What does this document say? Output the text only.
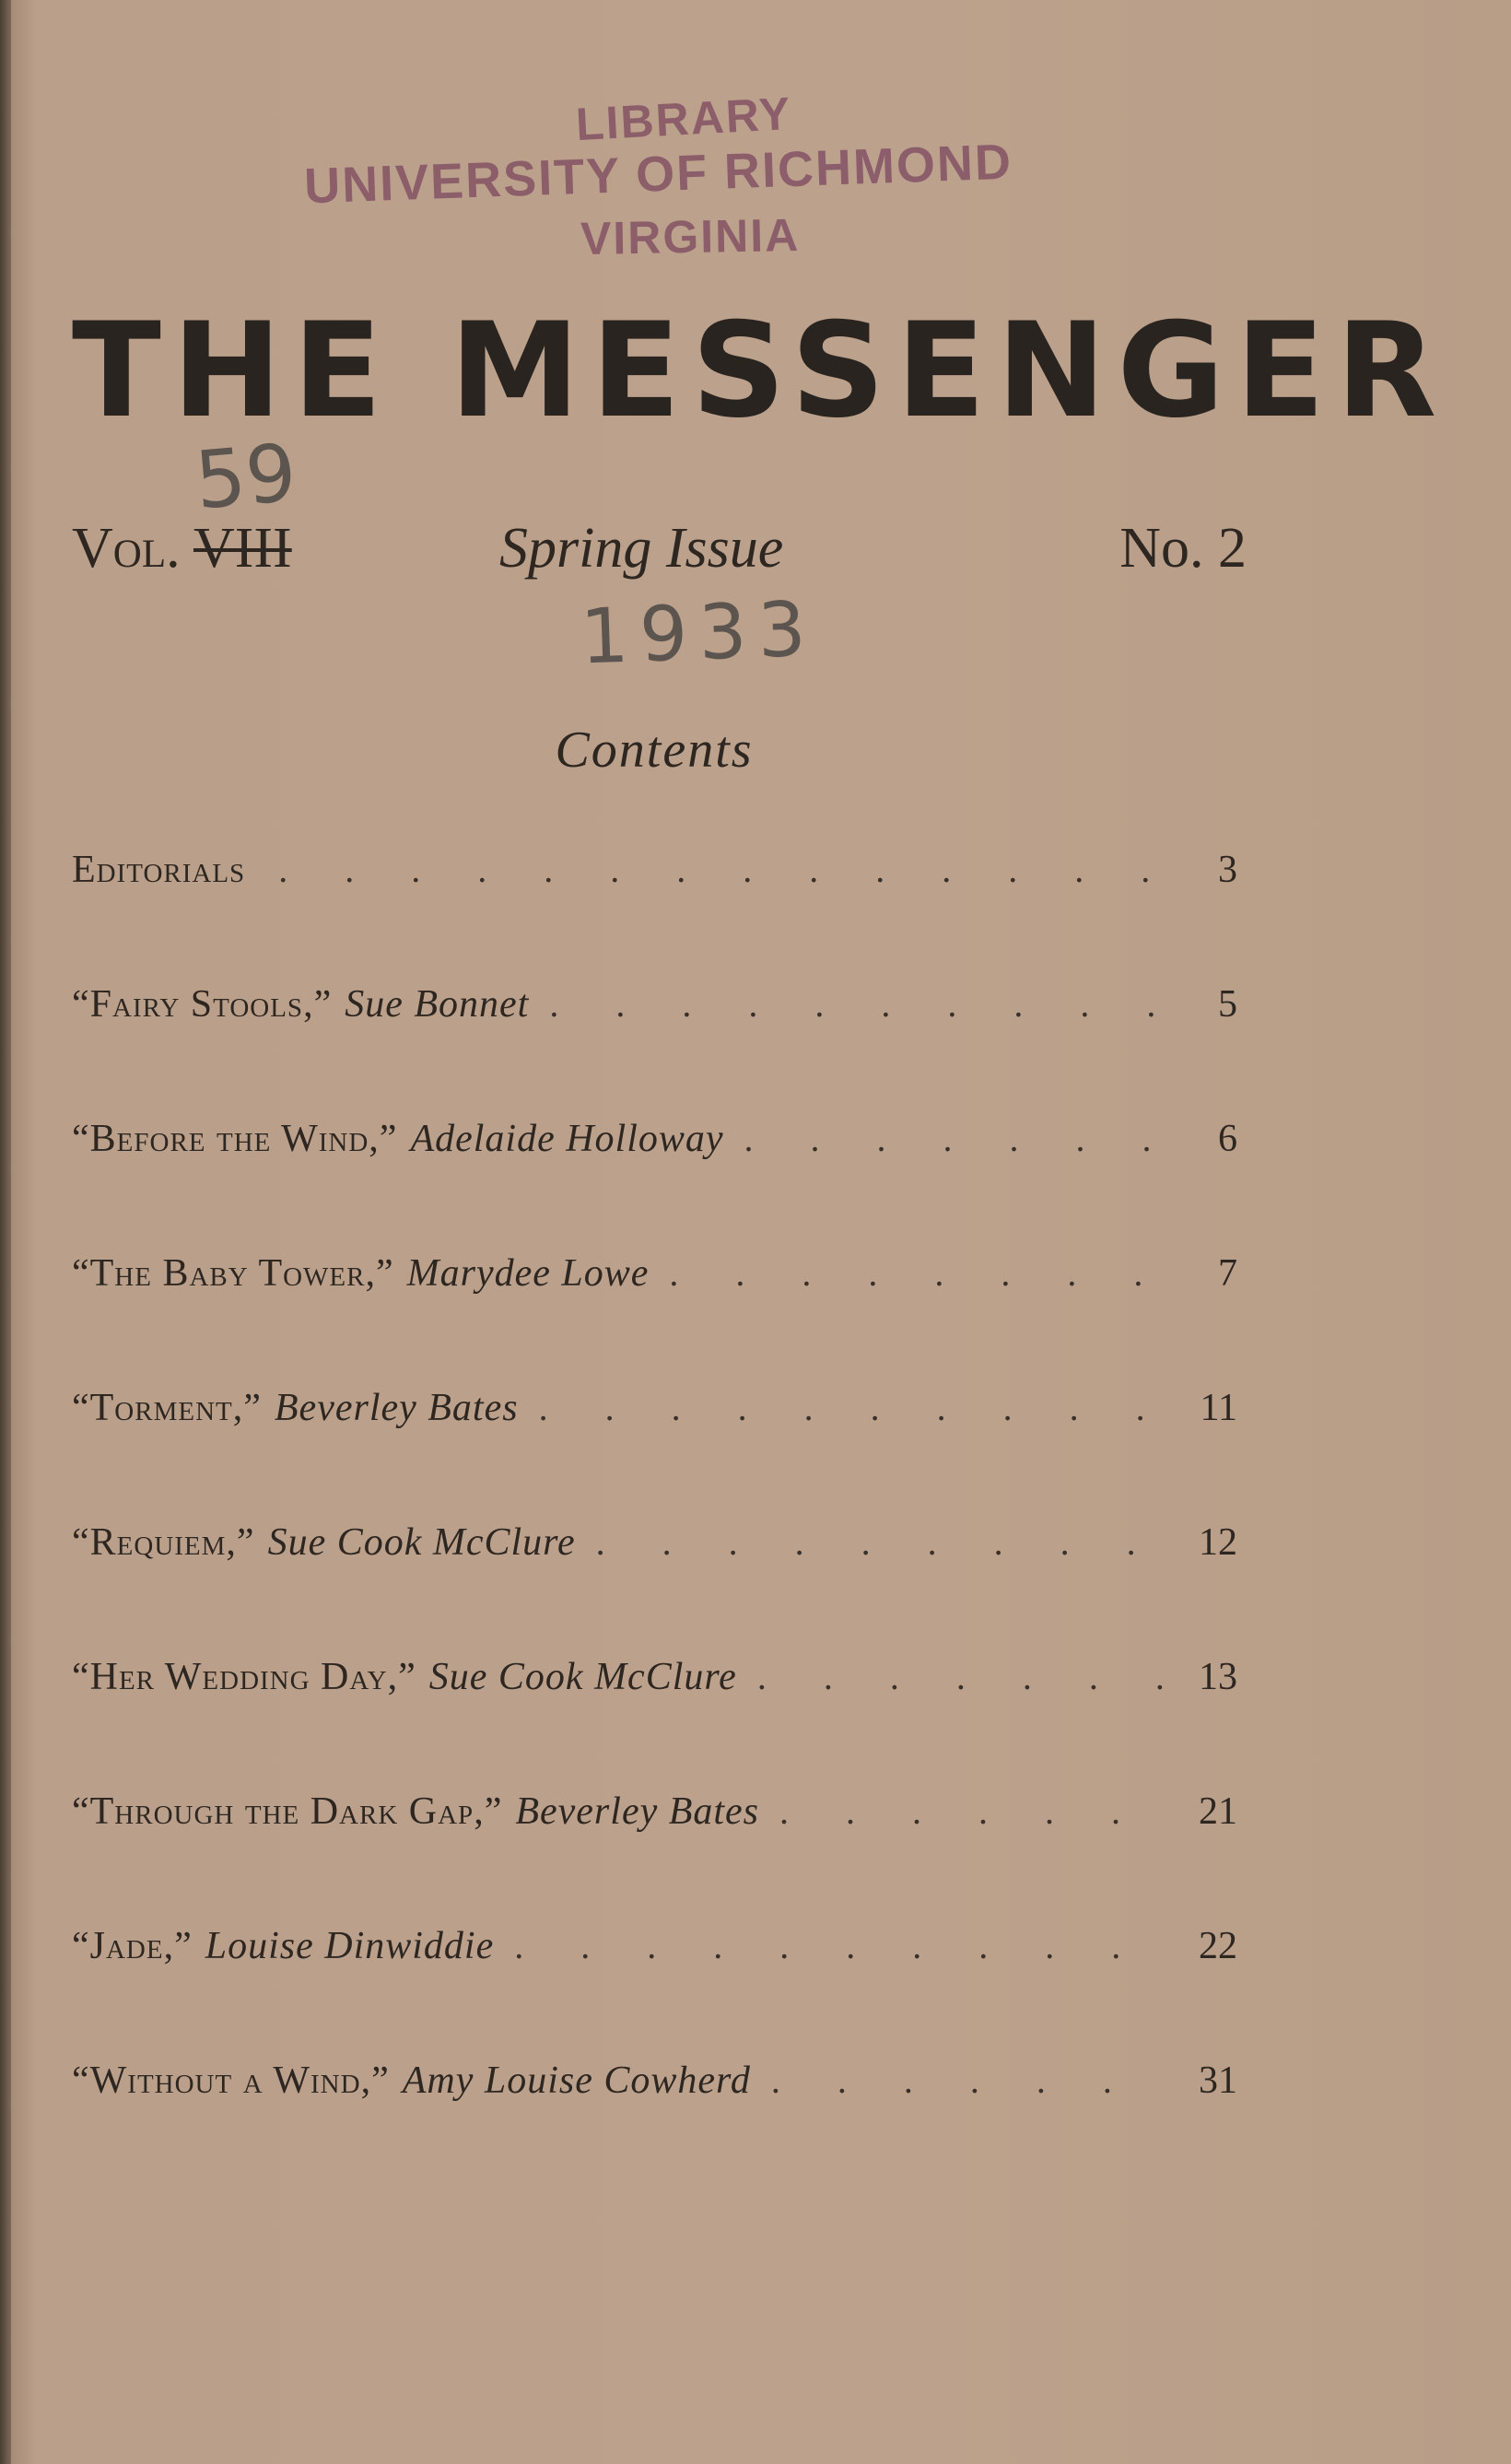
LIBRARY
UNIVERSITY OF RICHMOND
VIRGINIA
THE MESSENGER
59
Vol. VIII	Spring Issue	No. 2
1933
Contents
Editorials . . .	3
“Fairy Stools,” Sue Bonnet . . .	5
“Before the Wind,” Adelaide Holloway . . .	6
“The Baby Tower,” Marydee Lowe . . .	7
“Torment,” Beverley Bates . . .	11
“Requiem,” Sue Cook McClure . . .	12
“Her Wedding Day,” Sue Cook McClure . . .	13
“Through the Dark Gap,” Beverley Bates . . .	21
“Jade,” Louise Dinwiddie . . .	22
“Without a Wind,” Amy Louise Cowherd . . .	31
